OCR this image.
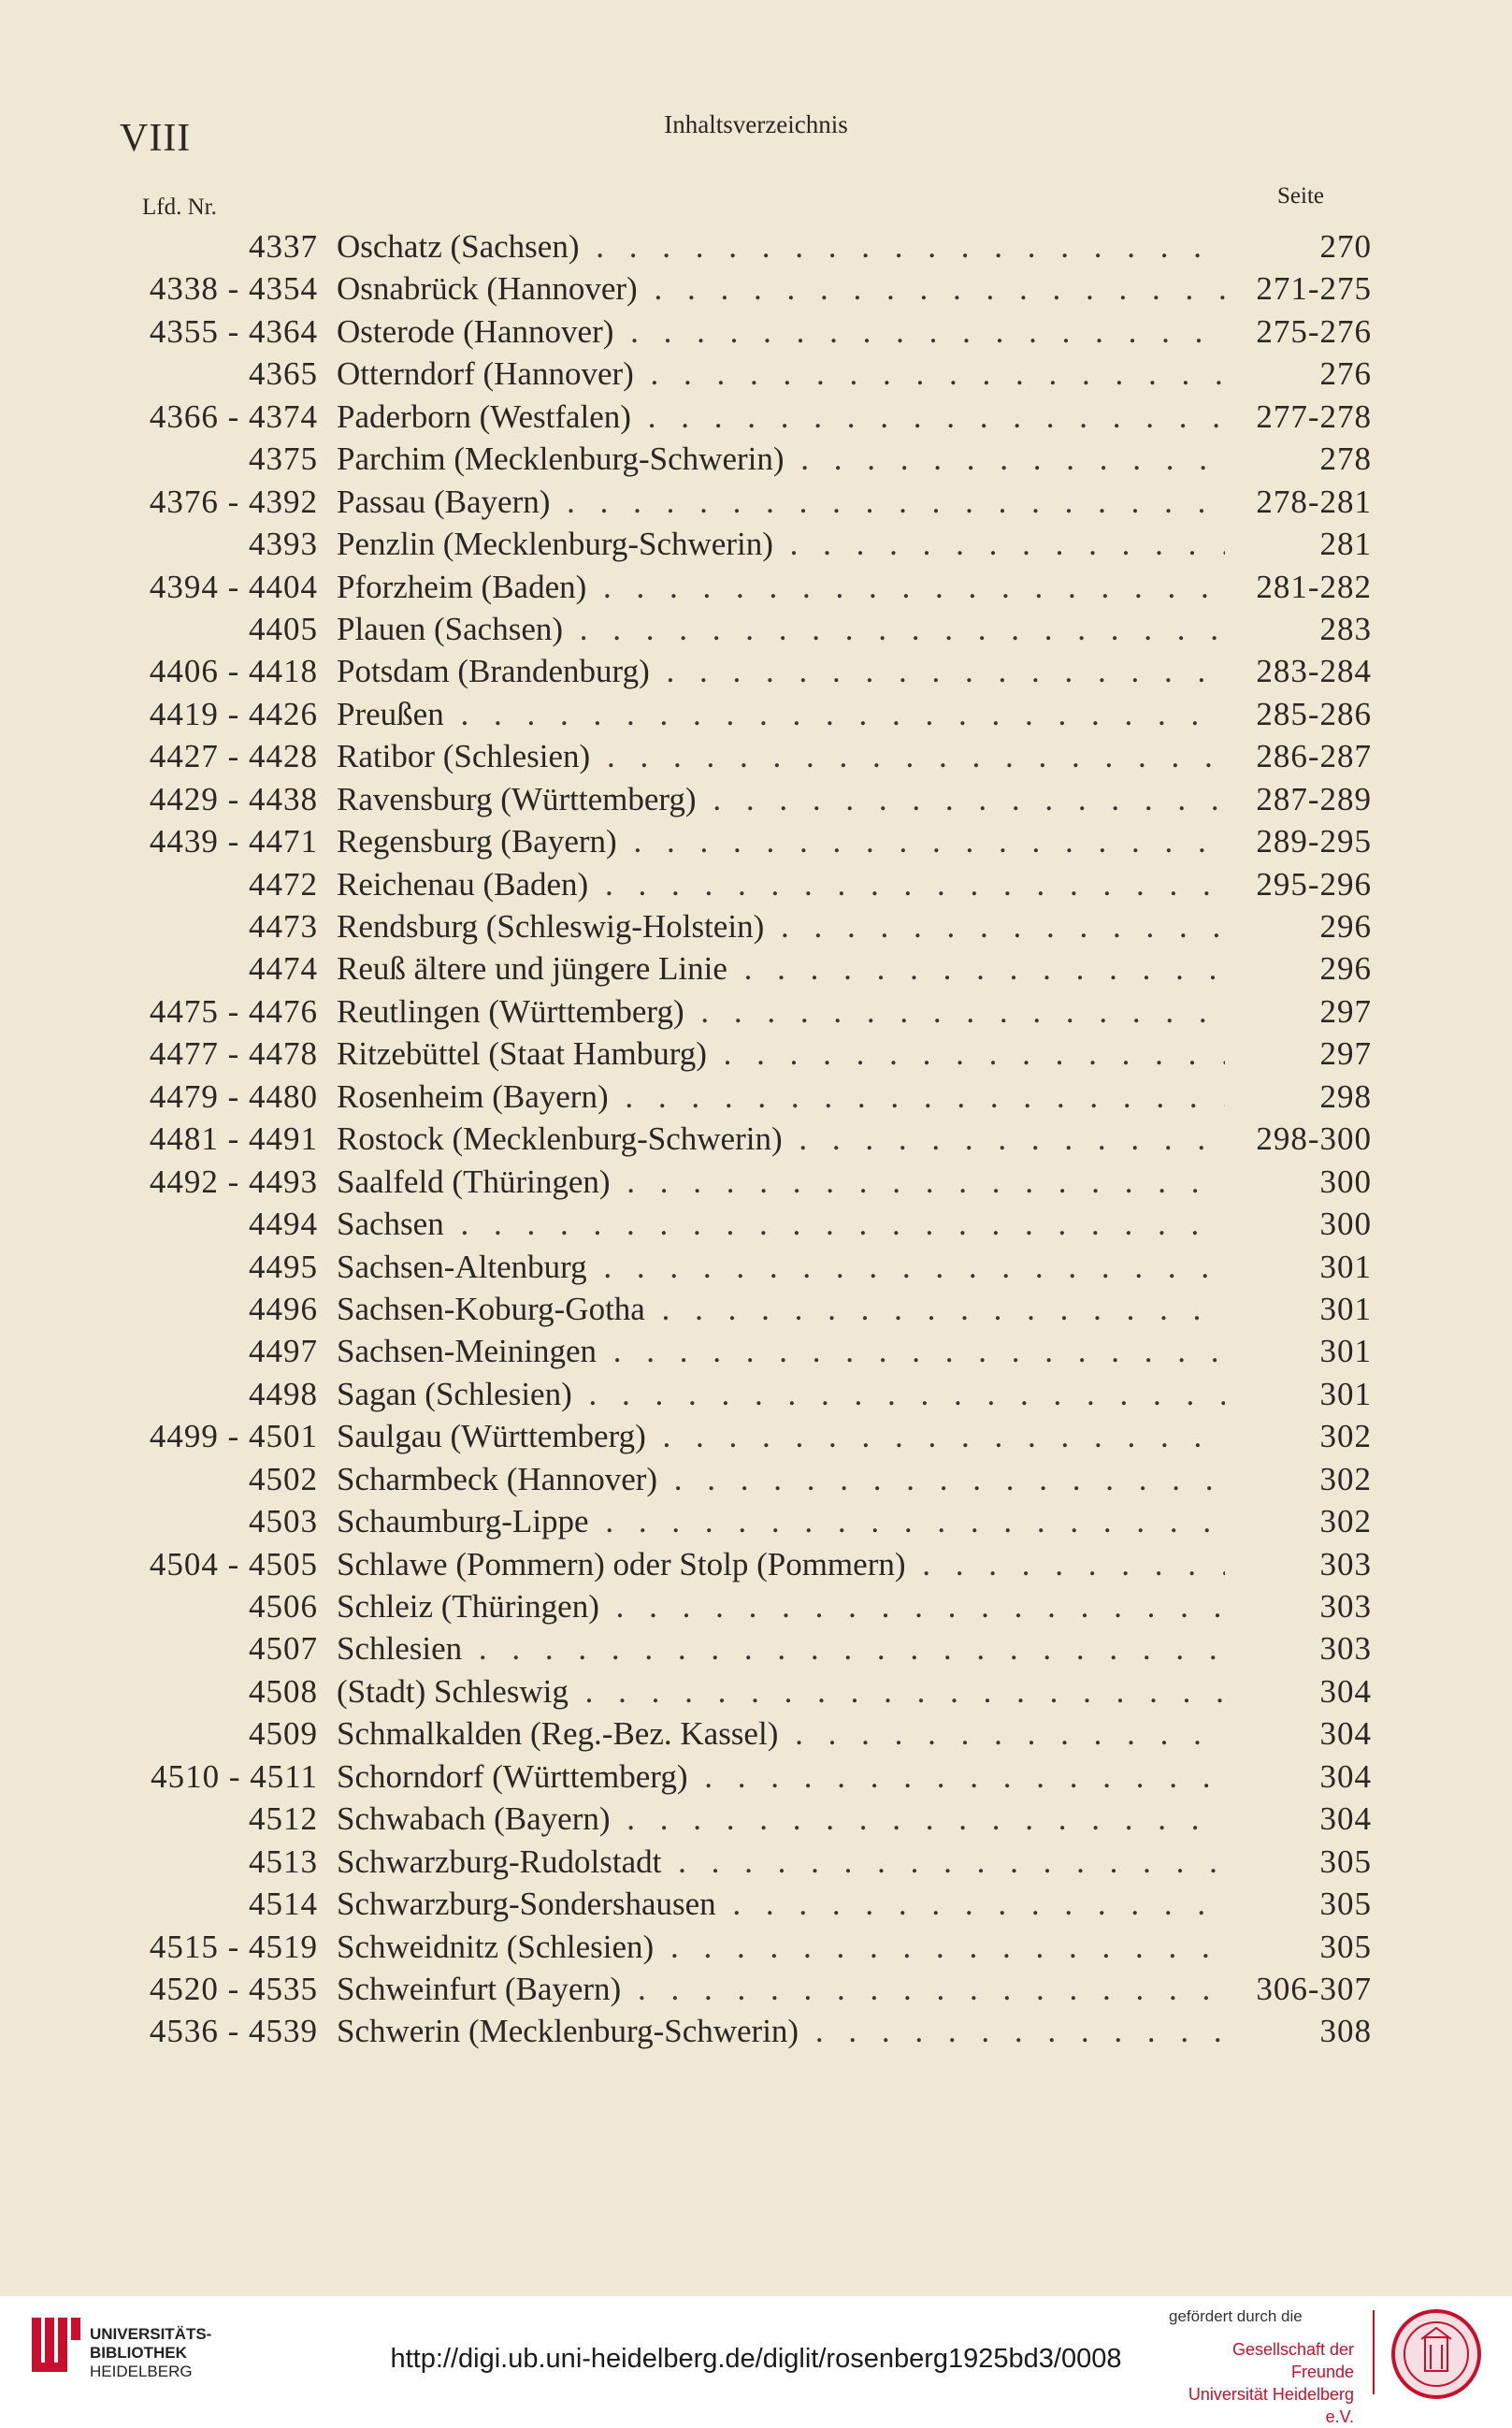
VIII	Inhaltsverzeichnis
Lfd. Nr.	Seite
4337 Oschatz (Sachsen) . . .	270
4338 - 4354 Osnabrück (Hannover) . . .	271-275
4355 - 4364 Osterode (Hannover) . . .	275-276
4365 Otterndorf (Hannover) . . .	276
4366 - 4374 Paderborn (Westfalen) . . .	277-278
4375 Parchim (Mecklenburg-Schwerin) . . .	278
4376 - 4392 Passau (Bayern) . . .	278-281
4393 Penzlin (Mecklenburg-Schwerin) . . .	281
4394 - 4404 Pforzheim (Baden) . . .	281-282
4405 Plauen (Sachsen) . . .	283
4406 - 4418 Potsdam (Brandenburg) . . .	283-284
4419 - 4426 Preußen . . .	285-286
4427 - 4428 Ratibor (Schlesien) . . .	286-287
4429 - 4438 Ravensburg (Württemberg) . . .	287-289
4439 - 4471 Regensburg (Bayern) . . .	289-295
4472 Reichenau (Baden) . . .	295-296
4473 Rendsburg (Schleswig-Holstein) . . .	296
4474 Reuß ältere und jüngere Linie . . .	296
4475 - 4476 Reutlingen (Württemberg) . . .	297
4477 - 4478 Ritzebüttel (Staat Hamburg) . . .	297
4479 - 4480 Rosenheim (Bayern) . . .	298
4481 - 4491 Rostock (Mecklenburg-Schwerin) . . .	298-300
4492 - 4493 Saalfeld (Thüringen) . . .	300
4494 Sachsen . . .	300
4495 Sachsen-Altenburg . . .	301
4496 Sachsen-Koburg-Gotha . . .	301
4497 Sachsen-Meiningen . . .	301
4498 Sagan (Schlesien) . . .	301
4499 - 4501 Saulgau (Württemberg) . . .	302
4502 Scharmbeck (Hannover) . . .	302
4503 Schaumburg-Lippe . . .	302
4504 - 4505 Schlawe (Pommern) oder Stolp (Pommern) . . .	303
4506 Schleiz (Thüringen) . . .	303
4507 Schlesien . . .	303
4508 (Stadt) Schleswig . . .	304
4509 Schmalkalden (Reg.-Bez. Kassel) . . .	304
4510 - 4511 Schorndorf (Württemberg) . . .	304
4512 Schwabach (Bayern) . . .	304
4513 Schwarzburg-Rudolstadt . . .	305
4514 Schwarzburg-Sondershausen . . .	305
4515 - 4519 Schweidnitz (Schlesien) . . .	305
4520 - 4535 Schweinfurt (Bayern) . . .	306-307
4536 - 4539 Schwerin (Mecklenburg-Schwerin) . . .	308
UNIVERSITÄTS-
BIBLIOTHEK
HEIDELBERG	http://digi.ub.uni-heidelberg.de/diglit/rosenberg1925bd3/0008
gefördert durch die
Gesellschaft der Freunde
Universität Heidelberg e.V.
